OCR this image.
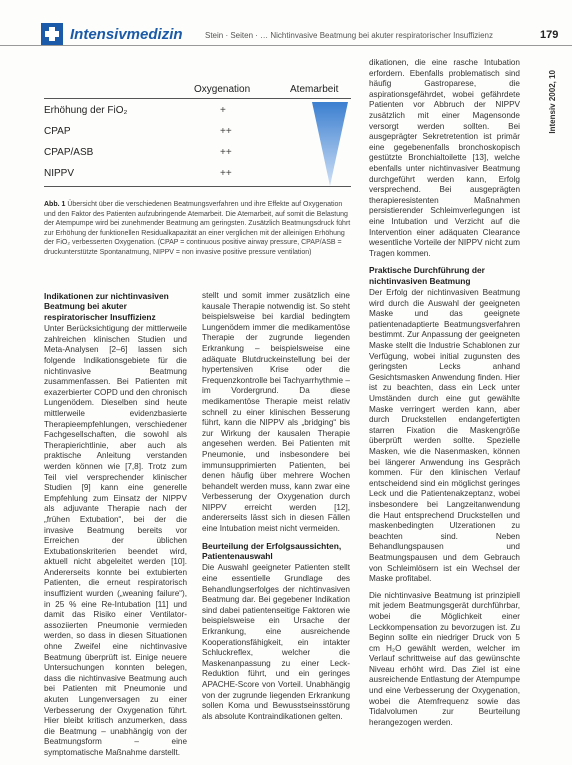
Intensivmedizin	Stein · Seiten · … Nichtinvasive Beatmung bei akuter respiratorischer Insuffizienz	179
Intensiv 2002, 10
Oxygenation	Atemarbeit
Erhöhung der FiO₂	+
CPAP	++
CPAP/ASB	++
NIPPV	++
Abb. 1 Übersicht über die verschiedenen Beatmungsverfahren und ihre Effekte auf Oxygenation und den Faktor des Patienten aufzubringende Atemarbeit. Die Atemarbeit, auf somit die Belastung der Atempumpe wird bei zunehmender Beatmung am geringsten. Zusätzlich Beatmungsdruck führt zur Erhöhung der funktionellen Residualkapazität an einer verglichen mit der alleinigen Erhöhung der FiO₂ verbesserten Oxygenation. (CPAP = continuous positive airway pressure, CPAP/ASB = druckunterstützte Spontanatmung, NIPPV = non invasive positive pressure ventilation)
Indikationen zur nichtinvasiven Beatmung bei akuter respiratorischer Insuffizienz

Unter Berücksichtigung der mittlerweile zahlreichen klinischen Studien und Meta-Analysen [2–6] lassen sich folgende Indikationsgebiete für die nichtinvasive Beatmung zusammenfassen. Bei Patienten mit exazerbierter COPD und den chronisch Lungenödem. Dieselben sind heute mittlerweile evidenzbasierte Therapieempfehlungen, verschiedener Fachgesellschaften, die sowohl als Therapierichtlinie, aber auch als praktische Anleitung verstanden werden können wie [7,8]. Trotz zum Teil viel versprechender klinischer Studien [9] kann eine generelle Empfehlung zum Einsatz der NIPPV als adjuvante Therapie nach der „frühen Extubation“, bei der die invasive Beatmung bereits vor Erreichen der üblichen Extubationskriterien beendet wird, aktuell nicht abgeleitet werden [10]. Andererseits konnte bei extubierten Patienten, die erneut respiratorisch insuffizient wurden („weaning failure“), in 25 % eine Re-Intubation [11] und damit das Risiko einer Ventilator-assoziierten Pneumonie vermieden werden, so dass in diesen Situationen ohne Zweifel eine nichtinvasive Beatmung überprüft ist. Einige neuere Untersuchungen konnten belegen, dass die nichtinvasive Beatmung auch bei Patienten mit Pneumonie und akuten Lungenversagen zu einer Verbesserung der Oxygenation führt. Hier bleibt kritisch anzumerken, dass die Beatmung – unabhängig von der Beatmungsform – eine symptomatische Maßnahme darstellt.

stellt und somit immer zusätzlich eine kausale Therapie notwendig ist. So steht beispielsweise bei kardial bedingtem Lungenödem immer die medikamentöse Therapie der zugrunde liegenden Erkrankung – beispielsweise eine adäquate Blutdruckeinstellung bei der hypertensiven Krise oder die Frequenzkontrolle bei Tachyarrhythmie – im Vordergrund. Da diese medikamentöse Therapie meist relativ schnell zu einer klinischen Besserung führt, kann die NIPPV als „bridging“ bis zur Wirkung der kausalen Therapie angesehen werden. Bei Patienten mit Pneumonie, und insbesondere bei immunsupprimierten Patienten, bei denen häufig über mehrere Wochen behandelt werden muss, kann zwar eine Verbesserung der Oxygenation durch NIPPV erreicht werden [12], andererseits lässt sich in diesen Fällen eine Intubation meist nicht vermeiden.

Beurteilung der Erfolgsaussichten, Patientenauswahl

Die Auswahl geeigneter Patienten stellt eine essentielle Grundlage des Behandlungserfolges der nichtinvasiven Beatmung dar. Bei gegebener Indikation sind dabei patientenseitige Faktoren wie beispielsweise ein Ursache der Erkrankung, eine ausreichende Kooperationsfähigkeit, ein intakter Schluckreflex, welcher die Maskenanpassung zu einer Leck-Reduktion führt, und ein geringes APACHE-Score von Vorteil. Unabhängig von der zugrunde liegenden Erkrankung sollen Koma und Bewusstseinsstörung als absolute Kontraindikationen gelten.

dikationen, die eine rasche Intubation erfordern. Ebenfalls problematisch sind häufig Gastroparese, die aspirationsgefährdet, wobei gefährdete Patienten vor Abbruch der NIPPV zusätzlich mit einer Magensonde versorgt werden sollten. Bei ausgeprägter Sekretretention ist primär eine gegebenenfalls bronchoskopisch gestützte Bronchialtoilette [13], welche ebenfalls unter nichtinvasiver Beatmung durchgeführt werden kann, Erfolg versprechend. Bei ausgeprägten therapieresistenten Maßnahmen persistierender Schleimverlegungen ist eine Intubation und Verzicht auf die Intervention einer adäquaten Clearance wesentliche Vorteile der NIPPV nicht zum Tragen kommen.

Praktische Durchführung der nichtinvasiven Beatmung

Der Erfolg der nichtinvasiven Beatmung wird durch die Auswahl der geeigneten Maske und das geeignete patientenadaptierte Beatmungsverfahren bestimmt. Zur Anpassung der geeigneten Maske stellt die Industrie Schablonen zur Verfügung, wobei initial zugunsten des geringsten Lecks anhand Gesichtsmasken Anwendung finden. Hier ist zu beachten, dass ein Leck unter Umständen durch eine gut gewählte Maske verringert werden kann, aber durch Druckstellen endangefertigten starren Fixation die Maskengröße überprüft werden sollte. Spezielle Masken, wie die Nasenmasken, können bei längerer Anwendung ins Gespräch kommen. Für den klinischen Verlauf entscheidend sind ein möglichst geringes Leck und die Patientenakzeptanz, wobei insbesondere bei Langzeitanwendung die Haut entsprechend Druckstellen und maskenbedingten Ulzerationen zu beachten sind. Neben Behandlungspausen und Beatmungspausen und dem Gebrauch von Schleimlösern ist ein Wechsel der Maske profitabel.

Die nichtinvasive Beatmung ist prinzipiell mit jedem Beatmungsgerät durchführbar, wobei die Möglichkeit einer Leckkompensation zu bevorzugen ist. Zu Beginn sollte ein niedriger Druck von 5 cm H₂O gewählt werden, welcher im Verlauf schrittweise auf das gewünschte Niveau erhöht wird. Das Ziel ist eine ausreichende Entlastung der Atempumpe und eine Verbesserung der Oxygenation, wobei die Atemfrequenz sowie das Tidalvolumen zur Beurteilung herangezogen werden.
